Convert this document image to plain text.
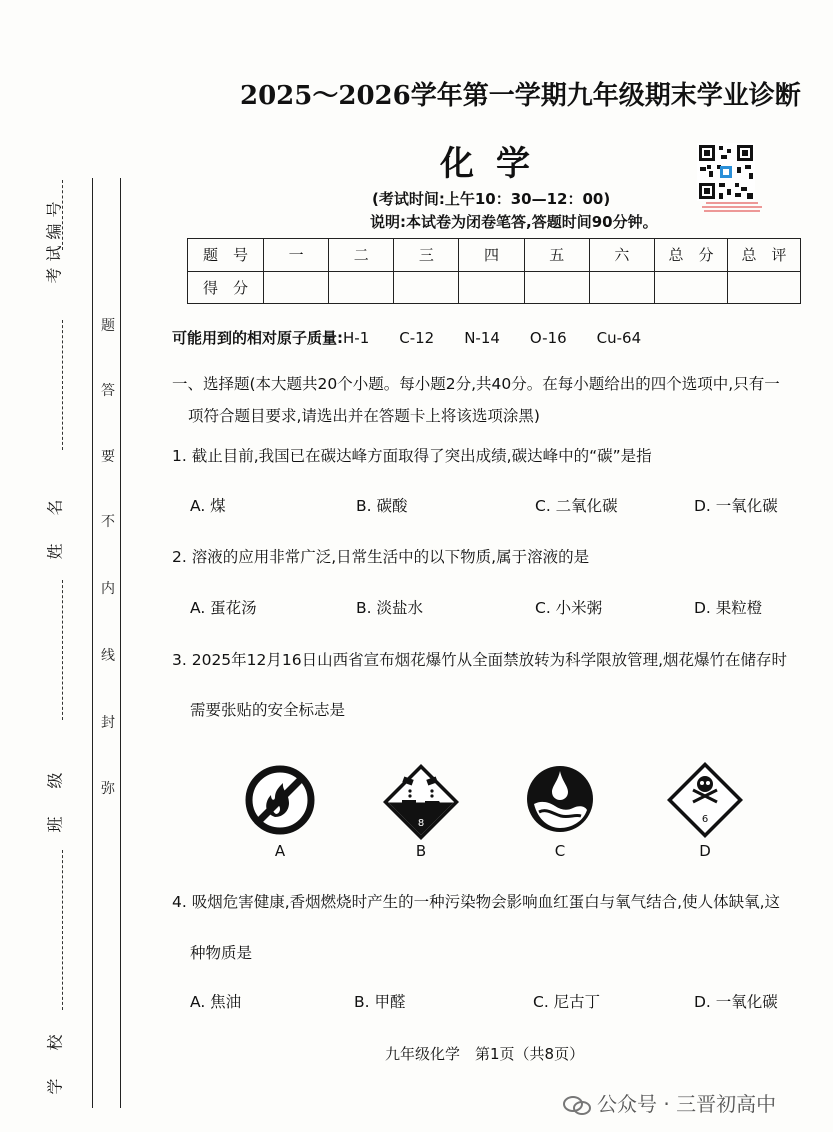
考试编号
姓名
班级
学校
题
答
要
不
内
线
封
弥
2025～2026学年第一学期九年级期末学业诊断
化学
(考试时间:上午10：30—12：00)
说明:本试卷为闭卷笔答,答题时间90分钟。
题　号	一	二	三	四	五	六	总　分	总　评
得　分								
可能用到的相对原子质量:H-1　　C-12　　N-14　　O-16　　Cu-64
一、选择题(本大题共20个小题。每小题2分,共40分。在每小题给出的四个选项中,只有一
项符合题目要求,请选出并在答题卡上将该选项涂黑)
1. 截止目前,我国已在碳达峰方面取得了突出成绩,碳达峰中的“碳”是指
A. 煤	B. 碳酸	C. 二氧化碳	D. 一氧化碳
2. 溶液的应用非常广泛,日常生活中的以下物质,属于溶液的是
A. 蛋花汤	B. 淡盐水	C. 小米粥	D. 果粒橙
3. 2025年12月16日山西省宣布烟花爆竹从全面禁放转为科学限放管理,烟花爆竹在储存时
需要张贴的安全标志是
8	6
A	B	C	D
4. 吸烟危害健康,香烟燃烧时产生的一种污染物会影响血红蛋白与氧气结合,使人体缺氧,这
种物质是
A. 焦油	B. 甲醛	C. 尼古丁	D. 一氧化碳
九年级化学　第1页（共8页）
公众号 · 三晋初高中
